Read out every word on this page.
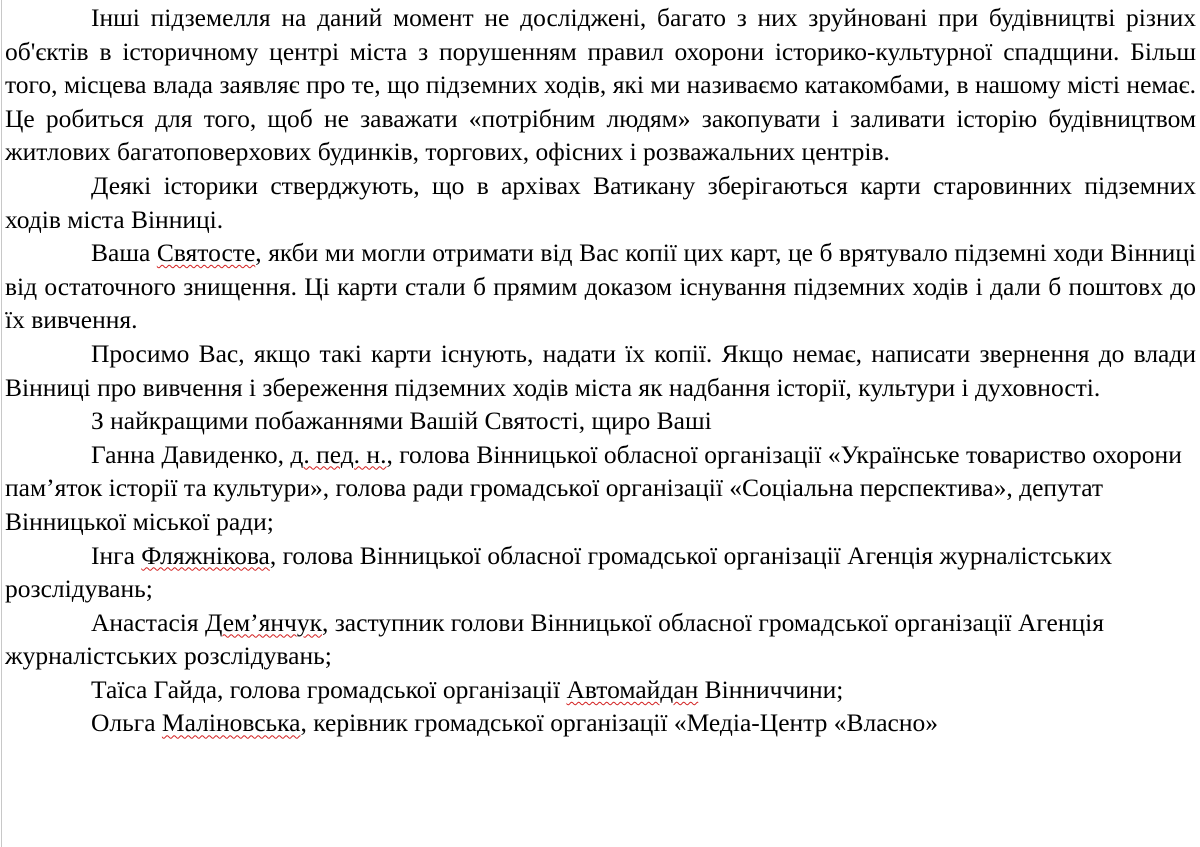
Інші підземелля на даний момент не досліджені, багато з них зруйновані при будівництві різних об'єктів в історичному центрі міста з порушенням правил охорони історико-культурної спадщини. Більш того, місцева влада заявляє про те, що підземних ходів, які ми називаємо катакомбами, в нашому місті немає. Це робиться для того, щоб не заважати «потрібним людям» закопувати і заливати історію будівництвом житлових багатоповерхових будинків, торгових, офісних і розважальних центрів.

Деякі історики стверджують, що в архівах Ватикану зберігаються карти старовинних підземних ходів міста Вінниці.

Ваша Святосте, якби ми могли отримати від Вас копії цих карт, це б врятувало підземні ходи Вінниці від остаточного знищення. Ці карти стали б прямим доказом існування підземних ходів і дали б поштовх до їх вивчення.

Просимо Вас, якщо такі карти існують, надати їх копії. Якщо немає, написати звернення до влади Вінниці про вивчення і збереження підземних ходів міста як надбання історії, культури і духовності.

З найкращими побажаннями Вашій Святості, щиро Ваші

Ганна Давиденко, д. пед. н., голова Вінницької обласної організації «Українське товариство охорони пам’яток історії та культури», голова ради громадської організації «Соціальна перспектива», депутат Вінницької міської ради;

Інга Фляжнікова, голова Вінницької обласної громадської організації Агенція журналістських розслідувань;

Анастасія Дем’янчук, заступник голови Вінницької обласної громадської організації Агенція журналістських розслідувань;

Таїса Гайда, голова громадської організації Автомайдан Вінниччини;

Ольга Маліновська, керівник громадської організації «Медіа-Центр «Власно»
